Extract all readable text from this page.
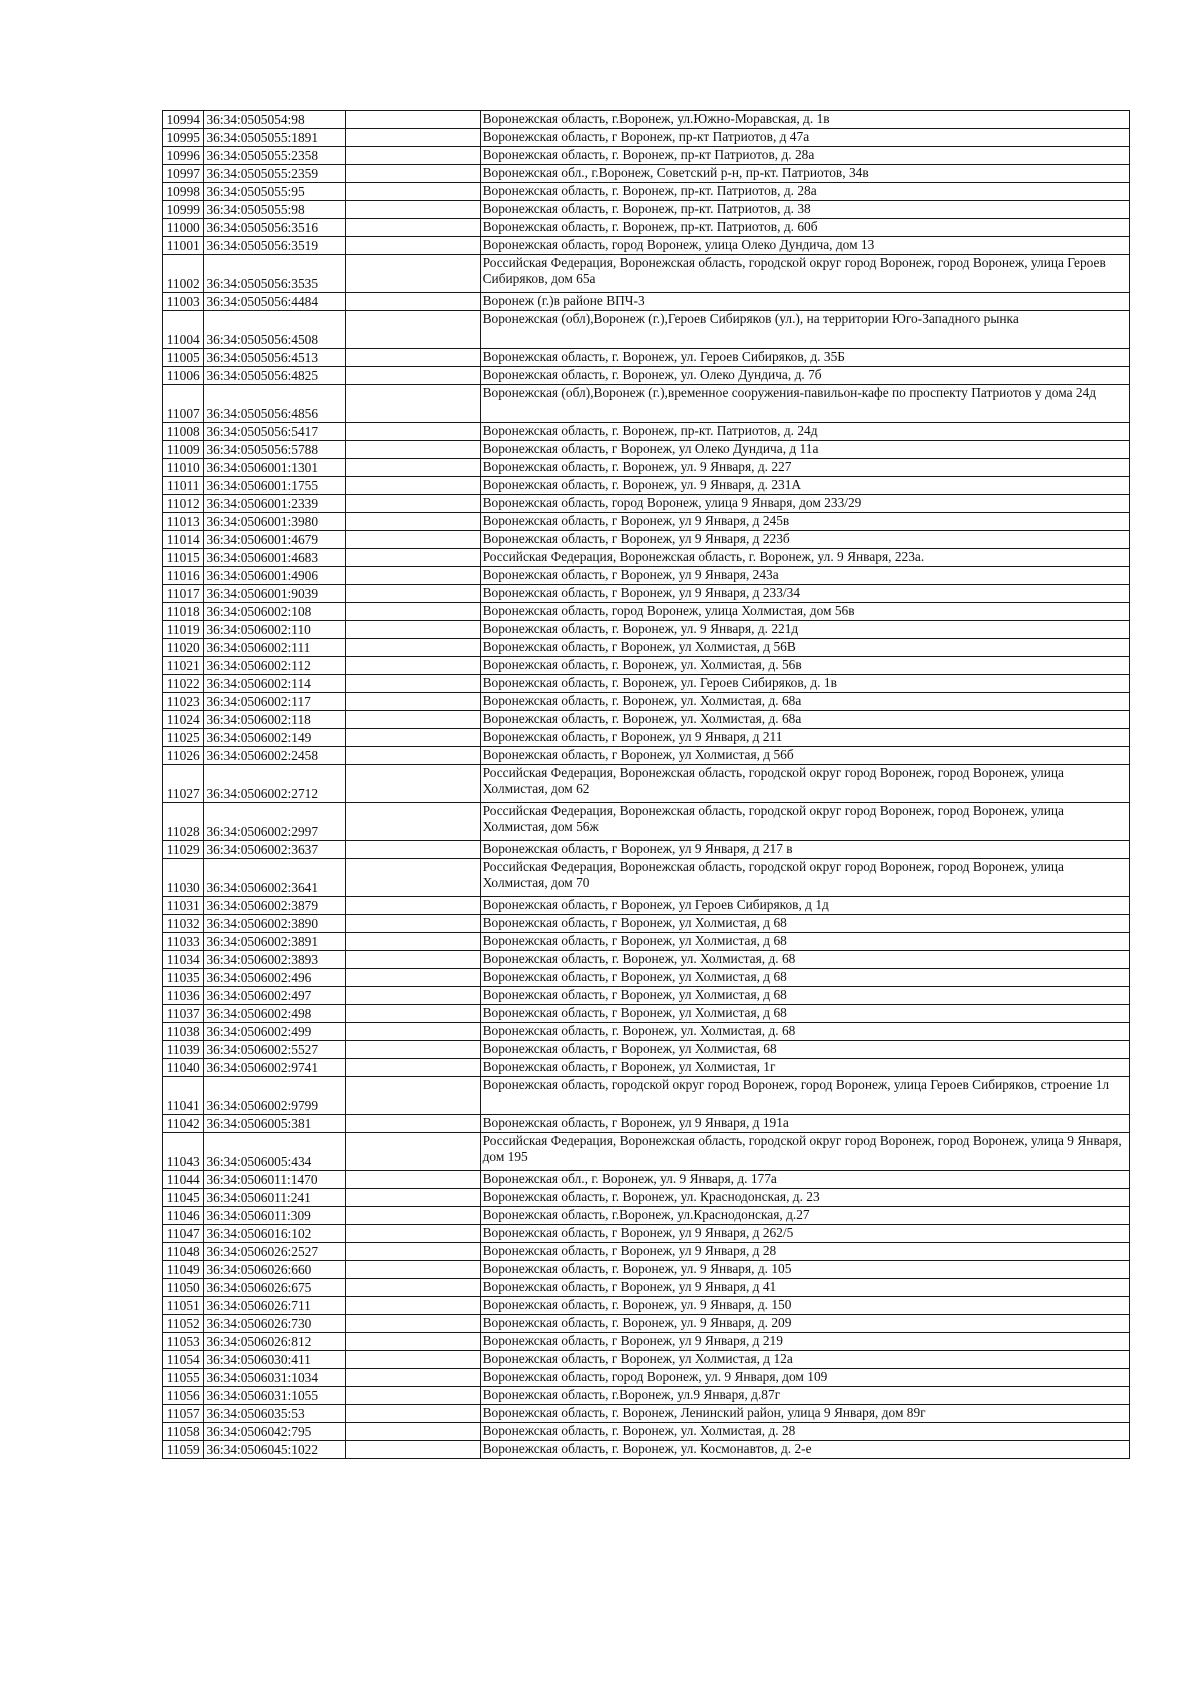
10994	36:34:0505054:98		Воронежская область, г.Воронеж, ул.Южно-Моравская, д. 1в
10995	36:34:0505055:1891		Воронежская область, г Воронеж, пр-кт Патриотов, д 47а
10996	36:34:0505055:2358		Воронежская область, г. Воронеж, пр-кт Патриотов, д. 28а
10997	36:34:0505055:2359		Воронежская обл., г.Воронеж, Советский р-н, пр-кт. Патриотов, 34в
10998	36:34:0505055:95		Воронежская область, г. Воронеж, пр-кт. Патриотов, д. 28а
10999	36:34:0505055:98		Воронежская область, г. Воронеж, пр-кт. Патриотов, д. 38
11000	36:34:0505056:3516		Воронежская область, г. Воронеж, пр-кт. Патриотов, д. 60б
11001	36:34:0505056:3519		Воронежская область, город Воронеж, улица Олеко Дундича, дом 13
11002	36:34:0505056:3535		Российская Федерация, Воронежская область, городской округ город Воронеж, город Воронеж, улица Героев Сибиряков, дом 65а
11003	36:34:0505056:4484		Воронеж (г.)в районе ВПЧ-3
11004	36:34:0505056:4508		Воронежская (обл),Воронеж (г.),Героев Сибиряков (ул.), на территории Юго-Западного рынка
11005	36:34:0505056:4513		Воронежская область, г. Воронеж, ул. Героев Сибиряков, д. 35Б
11006	36:34:0505056:4825		Воронежская область, г. Воронеж, ул. Олеко Дундича, д. 7б
11007	36:34:0505056:4856		Воронежская (обл),Воронеж (г.),временное сооружения-павильон-кафе по проспекту Патриотов у дома 24д
11008	36:34:0505056:5417		Воронежская область, г. Воронеж, пр-кт. Патриотов, д. 24д
11009	36:34:0505056:5788		Воронежская область, г Воронеж, ул Олеко Дундича, д 11а
11010	36:34:0506001:1301		Воронежская область, г. Воронеж, ул. 9 Января, д. 227
11011	36:34:0506001:1755		Воронежская область, г. Воронеж, ул. 9 Января, д. 231А
11012	36:34:0506001:2339		Воронежская область, город Воронеж, улица 9 Января, дом 233/29
11013	36:34:0506001:3980		Воронежская область, г Воронеж, ул 9 Января, д 245в
11014	36:34:0506001:4679		Воронежская область, г Воронеж, ул 9 Января, д 223б
11015	36:34:0506001:4683		Российская Федерация, Воронежская область, г. Воронеж, ул. 9 Января, 223а.
11016	36:34:0506001:4906		Воронежская область, г Воронеж, ул 9 Января, 243а
11017	36:34:0506001:9039		Воронежская область, г Воронеж, ул 9 Января, д 233/34
11018	36:34:0506002:108		Воронежская область, город Воронеж, улица Холмистая, дом 56в
11019	36:34:0506002:110		Воронежская область, г. Воронеж, ул. 9 Января, д. 221д
11020	36:34:0506002:111		Воронежская область, г Воронеж, ул Холмистая, д 56В
11021	36:34:0506002:112		Воронежская область, г. Воронеж, ул. Холмистая, д. 56в
11022	36:34:0506002:114		Воронежская область, г. Воронеж, ул. Героев Сибиряков, д. 1в
11023	36:34:0506002:117		Воронежская область, г. Воронеж, ул. Холмистая, д. 68а
11024	36:34:0506002:118		Воронежская область, г. Воронеж, ул. Холмистая, д. 68а
11025	36:34:0506002:149		Воронежская область, г Воронеж, ул 9 Января, д 211
11026	36:34:0506002:2458		Воронежская область, г Воронеж, ул Холмистая, д 56б
11027	36:34:0506002:2712		Российская Федерация, Воронежская область, городской округ город Воронеж, город Воронеж, улица Холмистая, дом 62
11028	36:34:0506002:2997		Российская Федерация, Воронежская область, городской округ город Воронеж, город Воронеж, улица Холмистая, дом 56ж
11029	36:34:0506002:3637		Воронежская область, г Воронеж, ул 9 Января, д 217 в
11030	36:34:0506002:3641		Российская Федерация, Воронежская область, городской округ город Воронеж, город Воронеж, улица Холмистая, дом 70
11031	36:34:0506002:3879		Воронежская область, г Воронеж, ул Героев Сибиряков, д 1д
11032	36:34:0506002:3890		Воронежская область, г Воронеж, ул Холмистая, д 68
11033	36:34:0506002:3891		Воронежская область, г Воронеж, ул Холмистая, д 68
11034	36:34:0506002:3893		Воронежская область, г. Воронеж, ул. Холмистая, д. 68
11035	36:34:0506002:496		Воронежская область, г Воронеж, ул Холмистая, д 68
11036	36:34:0506002:497		Воронежская область, г Воронеж, ул Холмистая, д 68
11037	36:34:0506002:498		Воронежская область, г Воронеж, ул Холмистая, д 68
11038	36:34:0506002:499		Воронежская область, г. Воронеж, ул. Холмистая, д. 68
11039	36:34:0506002:5527		Воронежская область, г Воронеж, ул Холмистая, 68
11040	36:34:0506002:9741		Воронежская область, г Воронеж, ул Холмистая, 1г
11041	36:34:0506002:9799		Воронежская область, городской округ город Воронеж, город Воронеж, улица Героев Сибиряков, строение 1л
11042	36:34:0506005:381		Воронежская область, г Воронеж, ул 9 Января, д 191а
11043	36:34:0506005:434		Российская Федерация, Воронежская область, городской округ город Воронеж, город Воронеж, улица 9 Января, дом 195
11044	36:34:0506011:1470		Воронежская обл., г. Воронеж, ул. 9 Января, д. 177а
11045	36:34:0506011:241		Воронежская область, г. Воронеж, ул. Краснодонская, д. 23
11046	36:34:0506011:309		Воронежская область, г.Воронеж, ул.Краснодонская, д.27
11047	36:34:0506016:102		Воронежская область, г Воронеж, ул 9 Января, д 262/5
11048	36:34:0506026:2527		Воронежская область, г Воронеж, ул 9 Января, д 28
11049	36:34:0506026:660		Воронежская область, г. Воронеж, ул. 9 Января, д. 105
11050	36:34:0506026:675		Воронежская область, г Воронеж, ул 9 Января, д 41
11051	36:34:0506026:711		Воронежская область, г. Воронеж, ул. 9 Января, д. 150
11052	36:34:0506026:730		Воронежская область, г. Воронеж, ул. 9 Января, д. 209
11053	36:34:0506026:812		Воронежская область, г Воронеж, ул 9 Января, д 219
11054	36:34:0506030:411		Воронежская область, г Воронеж, ул Холмистая, д 12а
11055	36:34:0506031:1034		Воронежская область, город Воронеж, ул. 9 Января, дом 109
11056	36:34:0506031:1055		Воронежская область, г.Воронеж, ул.9 Января, д.87г
11057	36:34:0506035:53		Воронежская область, г. Воронеж, Ленинский район, улица 9 Января, дом 89г
11058	36:34:0506042:795		Воронежская область, г. Воронеж, ул. Холмистая, д. 28
11059	36:34:0506045:1022		Воронежская область, г. Воронеж, ул. Космонавтов, д. 2-е
